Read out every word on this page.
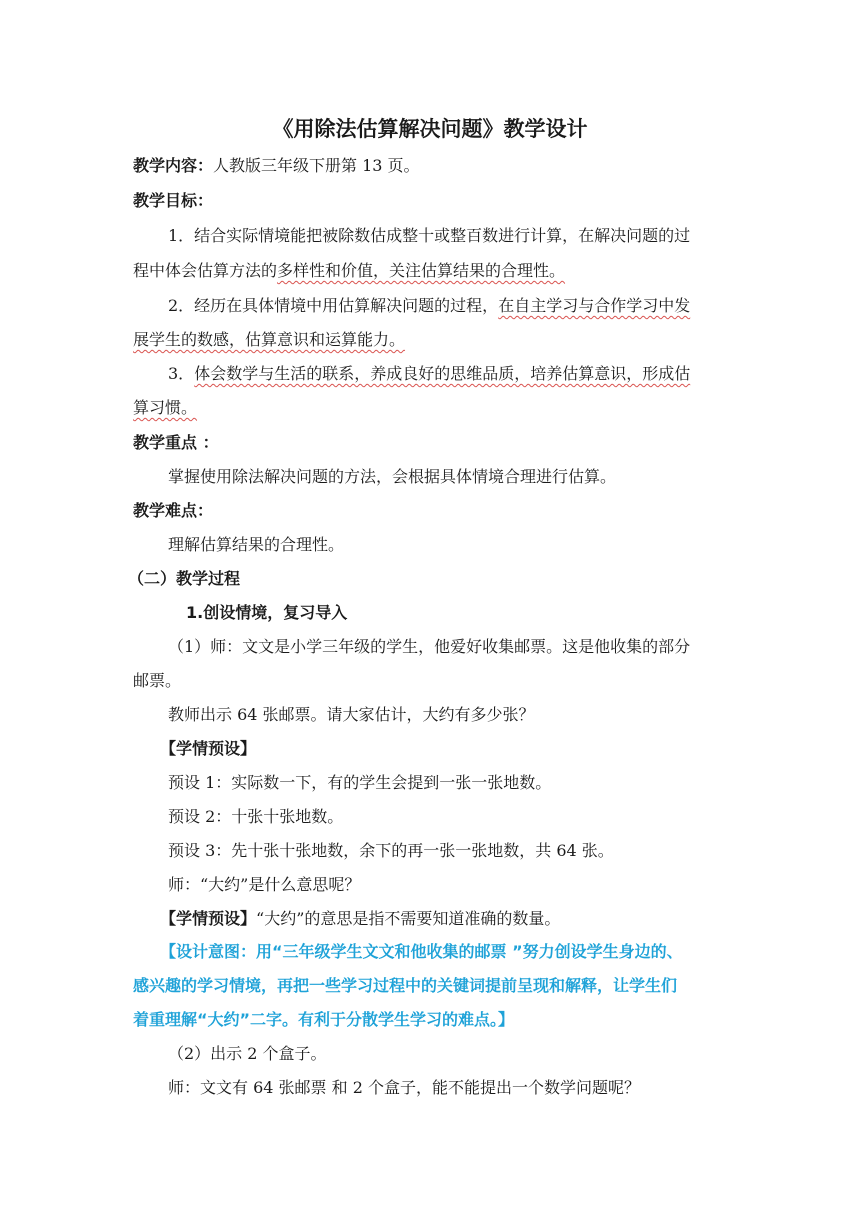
《用除法估算解决问题》教学设计
教学内容：人教版三年级下册第 13 页。
教学目标：
1．结合实际情境能把被除数估成整十或整百数进行计算，在解决问题的过
程中体会估算方法的多样性和价值，关注估算结果的合理性。
2．经历在具体情境中用估算解决问题的过程，在自主学习与合作学习中发
展学生的数感，估算意识和运算能力。
3．体会数学与生活的联系，养成良好的思维品质，培养估算意识，形成估
算习惯。
教学重点 ：
掌握使用除法解决问题的方法，会根据具体情境合理进行估算。
教学难点：
理解估算结果的合理性。
（二）教学过程
1.创设情境，复习导入
（1）师：文文是小学三年级的学生，他爱好收集邮票。这是他收集的部分
邮票。
教师出示 64 张邮票。请大家估计，大约有多少张？
【学情预设】
预设 1：实际数一下，有的学生会提到一张一张地数。
预设 2：十张十张地数。
预设 3：先十张十张地数，余下的再一张一张地数，共 64 张。
师：“大约”是什么意思呢？
【学情预设】“大约”的意思是指不需要知道准确的数量。
【设计意图：用“三年级学生文文和他收集的邮票 ”努力创设学生身边的、
感兴趣的学习情境，再把一些学习过程中的关键词提前呈现和解释，让学生们
着重理解“大约”二字。有利于分散学生学习的难点。】
（2）出示 2 个盒子。
师：文文有 64 张邮票 和 2 个盒子，能不能提出一个数学问题呢？
